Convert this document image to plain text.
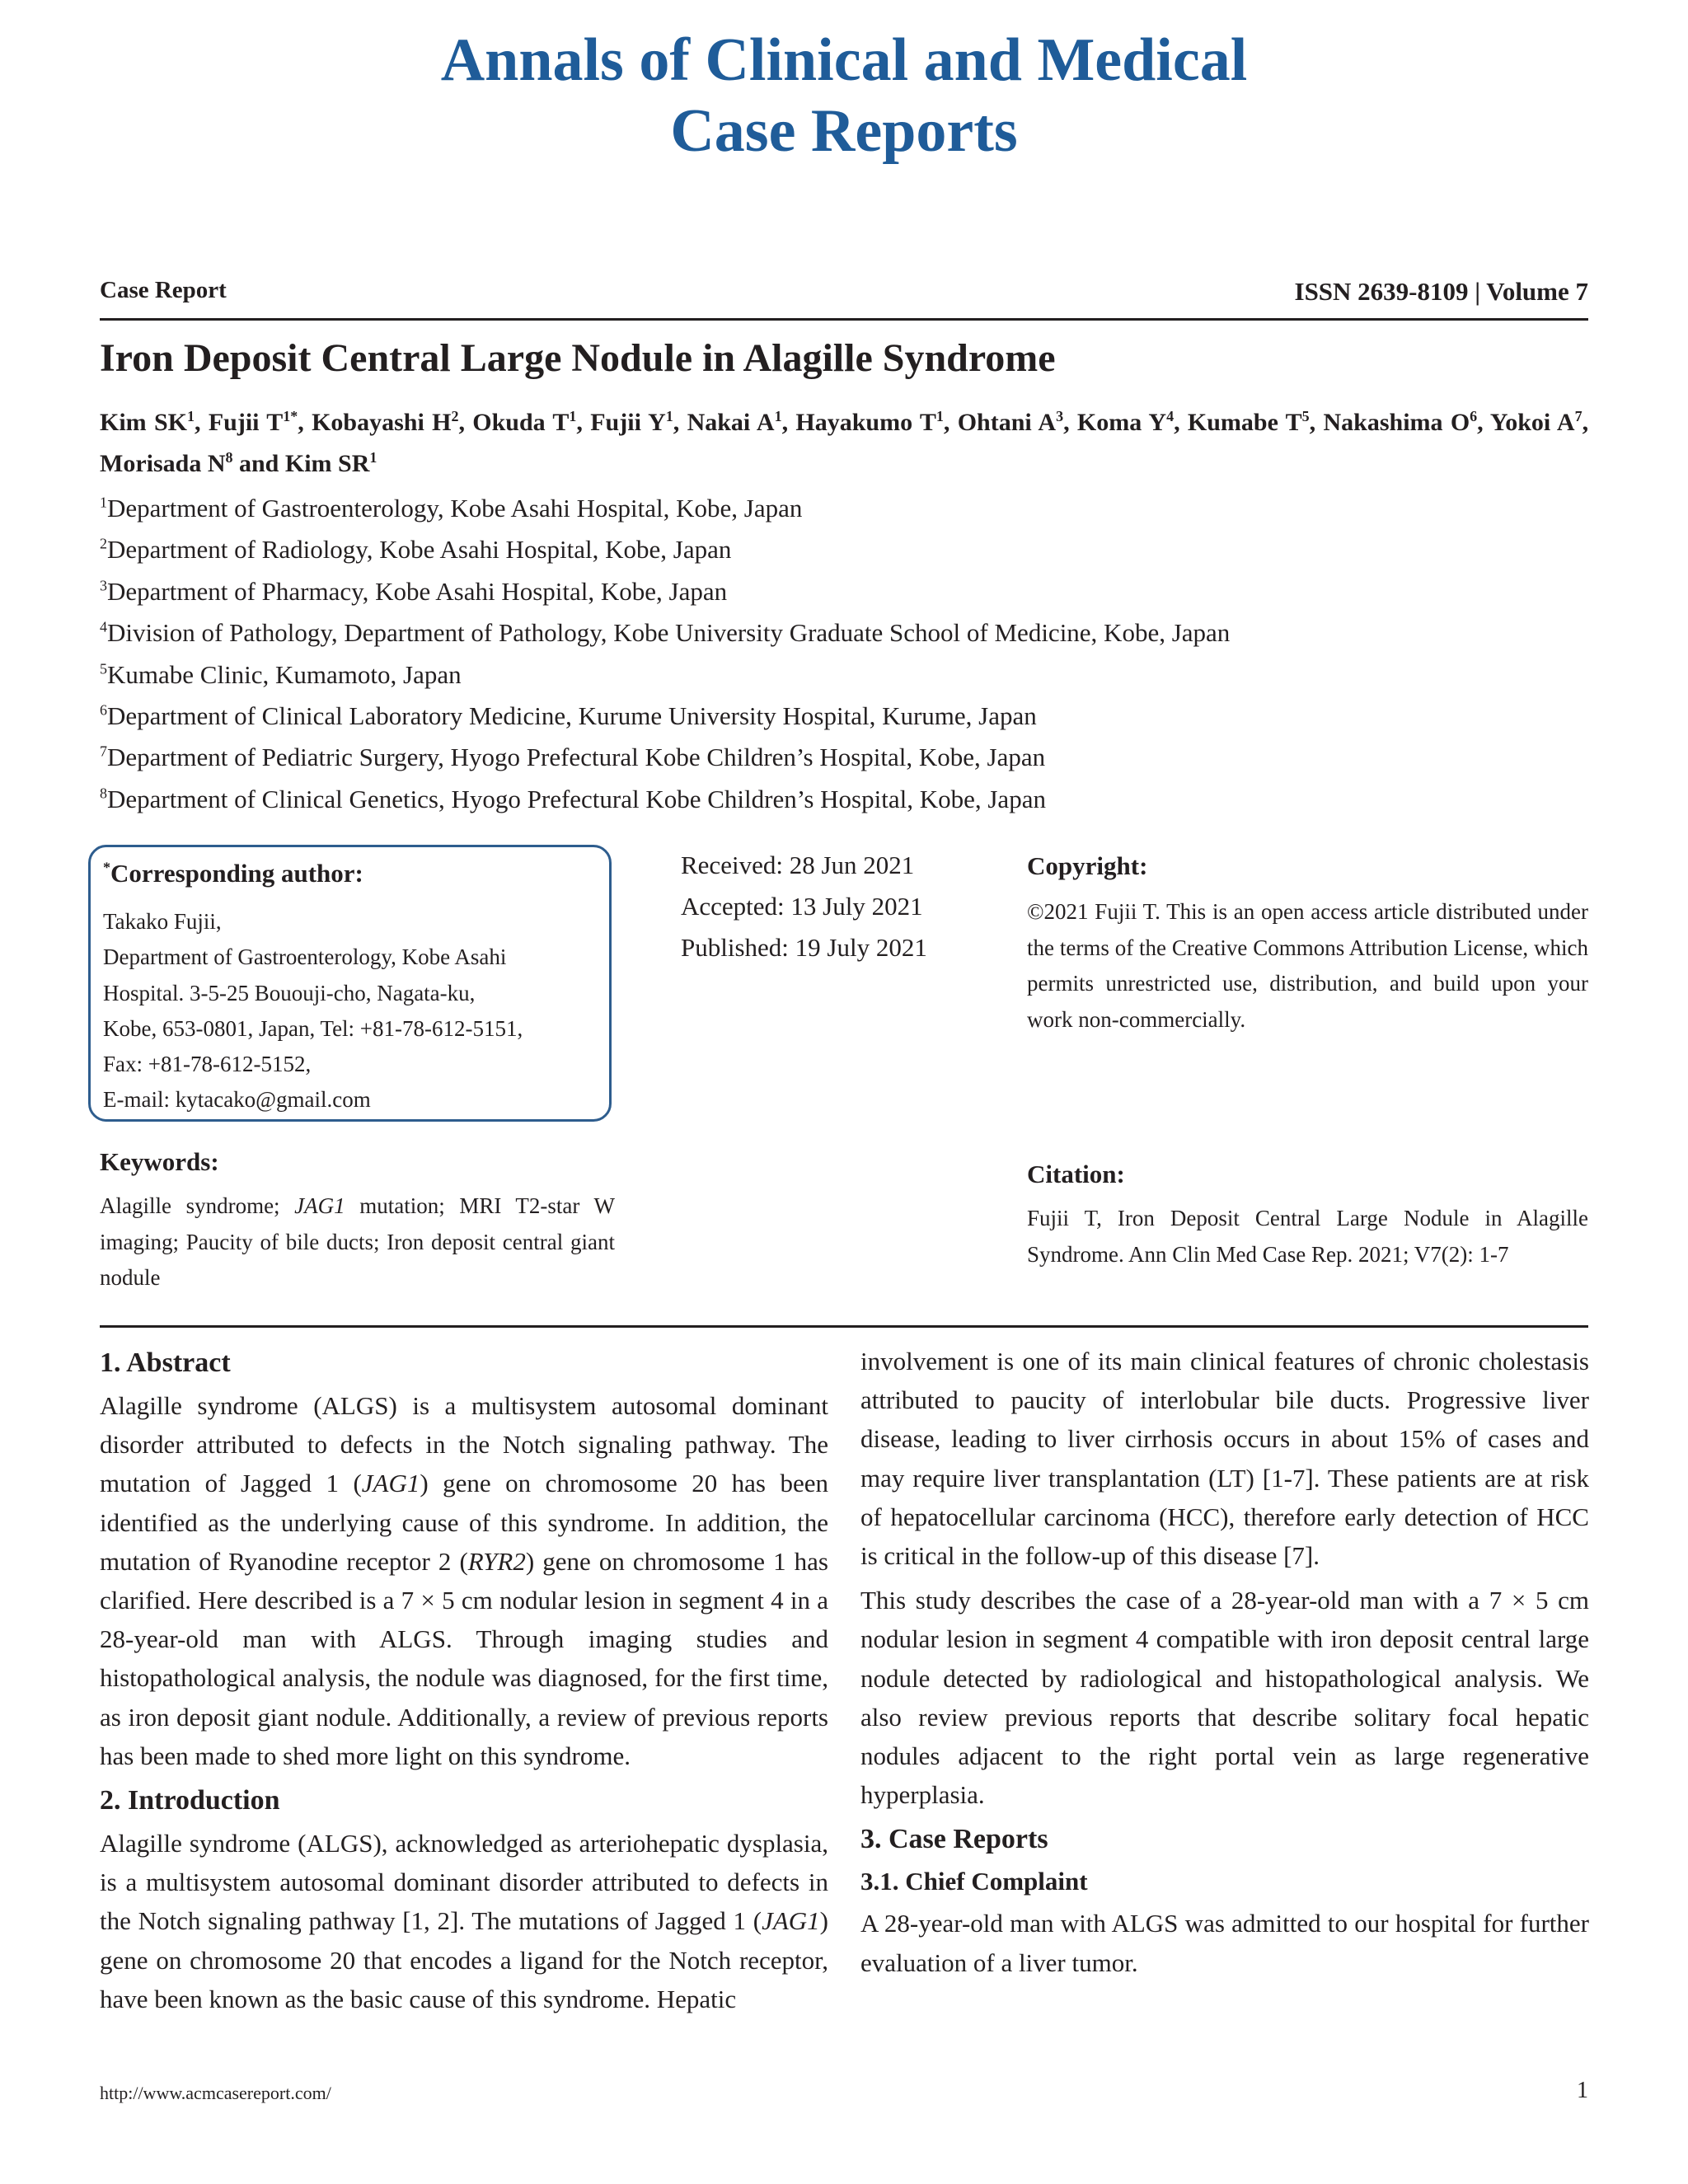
Annals of Clinical and Medical
Case Reports
Case Report	ISSN 2639-8109 | Volume 7
Iron Deposit Central Large Nodule in Alagille Syndrome
Kim $SK^1$, Fujii $T^{1*}$, Kobayashi $H^2$, Okuda $T^1$, Fujii $Y^1$, Nakai $A^1$, Hayakumo $T^1$, Ohtani $A^3$, Koma $Y^4$, Kumabe $T^5$, Nakashima $O^6$, Yokoi $A^7$, Morisada $N^8$ and Kim $SR^1$
$^1$Department of Gastroenterology, Kobe Asahi Hospital, Kobe, Japan
$^2$Department of Radiology, Kobe Asahi Hospital, Kobe, Japan
$^3$Department of Pharmacy, Kobe Asahi Hospital, Kobe, Japan
$^4$Division of Pathology, Department of Pathology, Kobe University Graduate School of Medicine, Kobe, Japan
$^5$Kumabe Clinic, Kumamoto, Japan
$^6$Department of Clinical Laboratory Medicine, Kurume University Hospital, Kurume, Japan
$^7$Department of Pediatric Surgery, Hyogo Prefectural Kobe Children’s Hospital, Kobe, Japan
$^8$Department of Clinical Genetics, Hyogo Prefectural Kobe Children’s Hospital, Kobe, Japan
*Corresponding author:
Takako Fujii,
Department of Gastroenterology, Kobe Asahi
Hospital. 3-5-25 Bououji-cho, Nagata-ku,
Kobe, 653-0801, Japan, Tel: +81-78-612-5151,
Fax: +81-78-612-5152,
E-mail: kytacako@gmail.com
Received: 28 Jun 2021
Accepted: 13 July 2021
Published: 19 July 2021
Copyright:
©2021 Fujii T. This is an open access article distributed under the terms of the Creative Commons Attribution License, which permits unrestricted use, distribution, and build upon your work non-commercially.
Keywords:
Alagille syndrome; JAG1 mutation; MRI T2-star W imaging; Paucity of bile ducts; Iron deposit central giant nodule
Citation:
Fujii T, Iron Deposit Central Large Nodule in Alagille Syndrome. Ann Clin Med Case Rep. 2021; V7(2): 1-7
1. Abstract

Alagille syndrome (ALGS) is a multisystem autosomal dominant disorder attributed to defects in the Notch signaling pathway. The mutation of Jagged 1 (JAG1) gene on chromosome 20 has been identified as the underlying cause of this syndrome. In addition, the mutation of Ryanodine receptor 2 (RYR2) gene on chromosome 1 has clarified. Here described is a 7 × 5 cm nodular lesion in segment 4 in a 28-year-old man with ALGS. Through imaging studies and histopathological analysis, the nodule was diagnosed, for the first time, as iron deposit giant nodule. Additionally, a review of previous reports has been made to shed more light on this syndrome.

2. Introduction

Alagille syndrome (ALGS), acknowledged as arteriohepatic dysplasia, is a multisystem autosomal dominant disorder attributed to defects in the Notch signaling pathway [1, 2]. The mutations of Jagged 1 (JAG1) gene on chromosome 20 that encodes a ligand for the Notch receptor, have been known as the basic cause of this syndrome. Hepatic

involvement is one of its main clinical features of chronic cholestasis attributed to paucity of interlobular bile ducts. Progressive liver disease, leading to liver cirrhosis occurs in about 15% of cases and may require liver transplantation (LT) [1-7]. These patients are at risk of hepatocellular carcinoma (HCC), therefore early detection of HCC is critical in the follow-up of this disease [7].

This study describes the case of a 28-year-old man with a 7 × 5 cm nodular lesion in segment 4 compatible with iron deposit central large nodule detected by radiological and histopathological analysis. We also review previous reports that describe solitary focal hepatic nodules adjacent to the right portal vein as large regenerative hyperplasia.

3. Case Reports
3.1. Chief Complaint

A 28-year-old man with ALGS was admitted to our hospital for further evaluation of a liver tumor.

http://www.acmcasereport.com/	1
